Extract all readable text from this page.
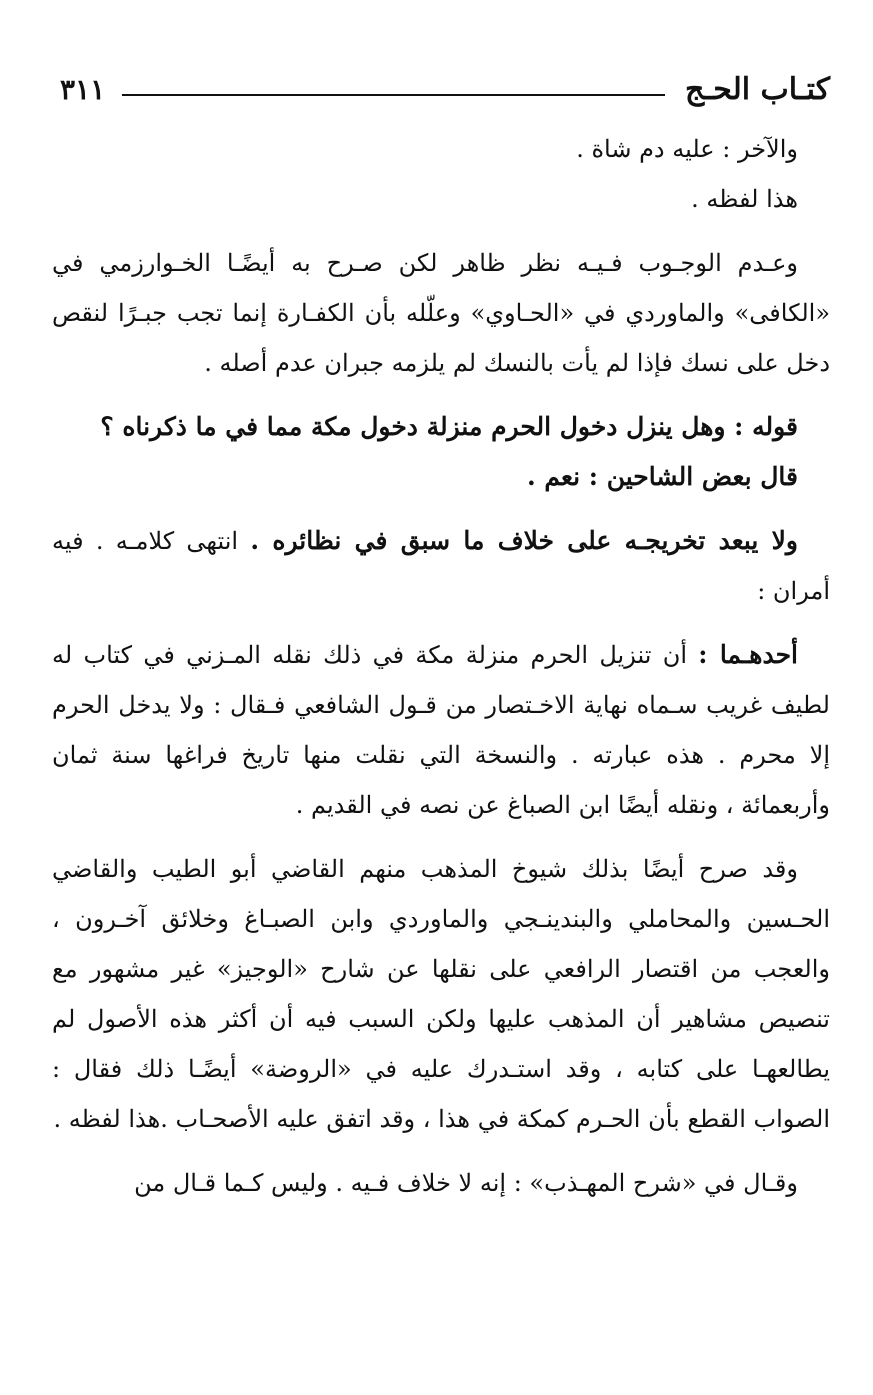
كتـاب الحـج
٣١١

والآخر : عليه دم شاة .

هذا لفظه .

وعـدم الوجـوب فـيـه نظر ظاهر لكن صـرح به أيضًـا الخـوارزمي في «الكافى» والماوردي في «الحـاوي» وعلّله بأن الكفـارة إنما تجب جبـرًا لنقص دخل على نسك فإذا لم يأت بالنسك لم يلزمه جبران عدم أصله .

قوله : وهل ينزل دخول الحرم منزلة دخول مكة مما في ما ذكرناه ؟

قال بعض الشاحين : نعم .

ولا يبعد تخريجـه على خلاف ما سبق في نظائره . انتهى كلامـه . فيه أمران :

أحدهـما : أن تنزيل الحرم منزلة مكة في ذلك نقله المـزني في كتاب له لطيف غريب سـماه نهاية الاخـتصار من قـول الشافعي فـقال : ولا يدخل الحرم إلا محرم . هذه عبارته . والنسخة التي نقلت منها تاريخ فراغها سنة ثمان وأربعمائة ، ونقله أيضًا ابن الصباغ عن نصه في القديم .

وقد صرح أيضًا بذلك شيوخ المذهب منهم القاضي أبو الطيب والقاضي الحـسين والمحاملي والبندينـجي والماوردي وابن الصبـاغ وخلائق آخـرون ، والعجب من اقتصار الرافعي على نقلها عن شارح «الوجيز» غير مشهور مع تنصيص مشاهير أن المذهب عليها ولكن السبب فيه أن أكثر هذه الأصول لم يطالعهـا على كتابه ، وقد استـدرك عليه في «الروضة» أيضًـا ذلك فقال : الصواب القطع بأن الحـرم كمكة في هذا ، وقد اتفق عليه الأصحـاب .هذا لفظه .

وقـال في «شرح المهـذب» : إنه لا خلاف فـيه . وليس كـما قـال من
